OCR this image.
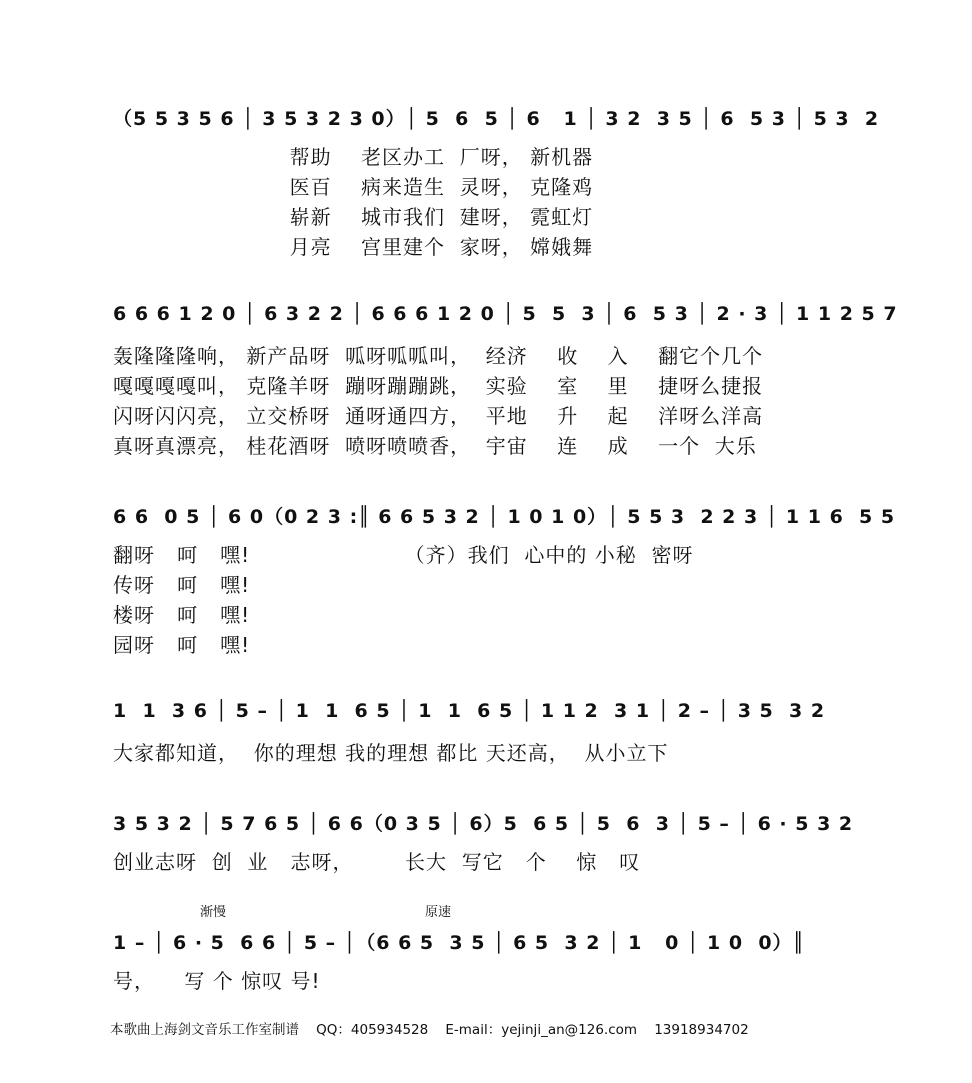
（5 5 3 5 6 │ 3 5 3 2 3 0）│ 5  6  5 │ 6   1 │ 3 2  3 5 │ 6  5 3 │ 5 3  2
帮助    老区办工  厂呀， 新机器
医百    病来造生  灵呀， 克隆鸡
崭新    城市我们  建呀， 霓虹灯
月亮    宫里建个  家呀， 嫦娥舞
6 6 6 1 2 0 │ 6 3 2 2 │ 6 6 6 1 2 0 │ 5  5  3 │ 6  5 3 │ 2 · 3 │ 1 1 2 5 7
轰隆隆隆响， 新产品呀  呱呀呱呱叫，  经济    收    入    翻它个几个
嘎嘎嘎嘎叫， 克隆羊呀  蹦呀蹦蹦跳，  实验    室    里    捷呀么捷报
闪呀闪闪亮， 立交桥呀  通呀通四方，  平地    升    起    洋呀么洋高
真呀真漂亮， 桂花酒呀  喷呀喷喷香，  宇宙    连    成    一个  大乐
6 6  0 5 │ 6 0（0 2 3 :║ 6 6 5 3 2 │ 1 0 1 0）│ 5 5 3  2 2 3 │ 1 1 6  5 5
翻呀   呵   嘿!                     （齐）我们  心中的 小秘  密呀
传呀   呵   嘿!
楼呀   呵   嘿!
园呀   呵   嘿!
1  1  3 6 │ 5 – │ 1  1  6 5 │ 1  1  6 5 │ 1 1 2  3 1 │ 2 – │ 3 5  3 2
大家都知道，  你的理想 我的理想 都比 天还高，  从小立下
3 5 3 2 │ 5 7 6 5 │ 6 6（0 3 5 │ 6）5  6 5 │ 5  6  3 │ 5 – │ 6 · 5 3 2
创业志呀  创  业   志呀，       长大  写它   个    惊   叹
渐慢	原速
1 – │ 6 · 5  6 6 │ 5 – │（6 6 5  3 5 │ 6 5  3 2 │ 1   0 │ 1 0  0）║
号，    写 个 惊叹 号!
本歌曲上海剑文音乐工作室制谱    QQ：405934528    E-mail：yejinji_an@126.com    13918934702
